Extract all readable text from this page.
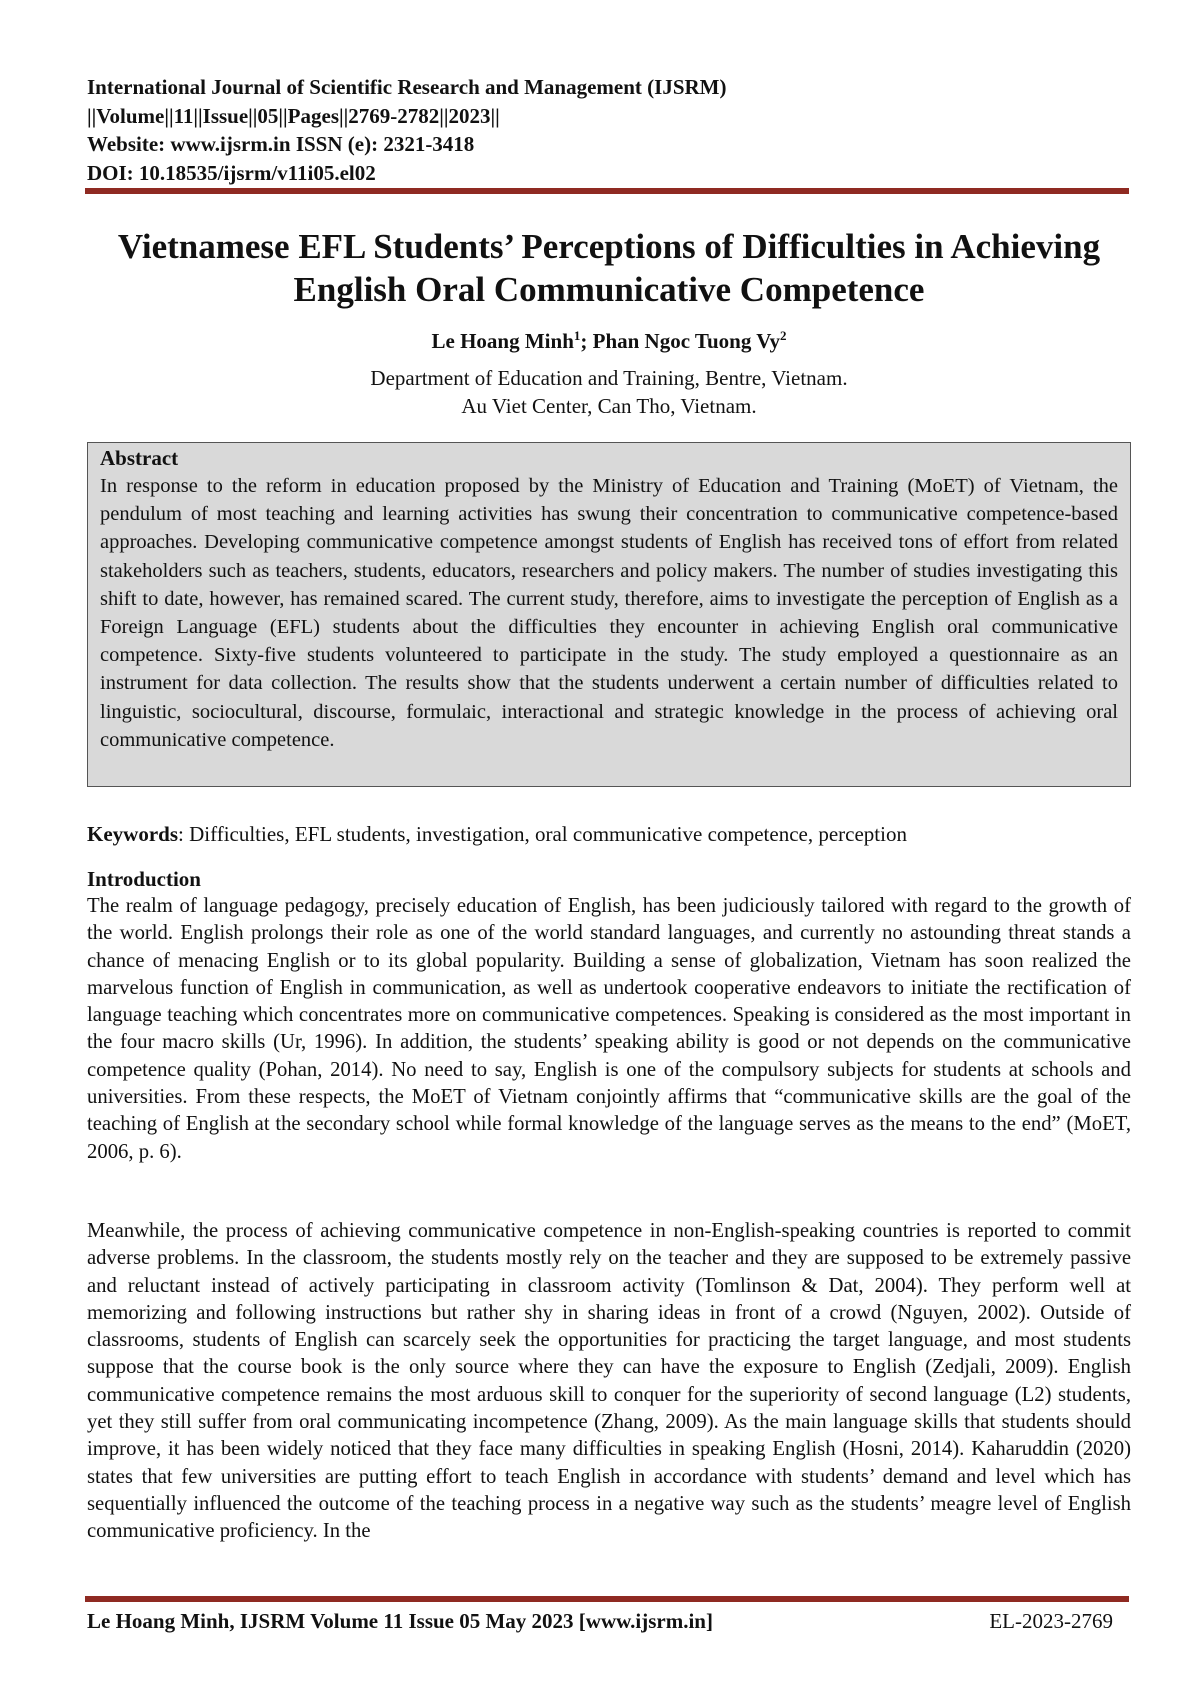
International Journal of Scientific Research and Management (IJSRM)
||Volume||11||Issue||05||Pages||2769-2782||2023||
Website: www.ijsrm.in ISSN (e): 2321-3418
DOI: 10.18535/ijsrm/v11i05.el02
Vietnamese EFL Students’ Perceptions of Difficulties in Achieving
English Oral Communicative Competence
Le Hoang Minh$^1$; Phan Ngoc Tuong Vy$^2$
Department of Education and Training, Bentre, Vietnam.
Au Viet Center, Can Tho, Vietnam.
Abstract

In response to the reform in education proposed by the Ministry of Education and Training (MoET) of Vietnam, the pendulum of most teaching and learning activities has swung their concentration to communicative competence-based approaches. Developing communicative competence amongst students of English has received tons of effort from related stakeholders such as teachers, students, educators, researchers and policy makers. The number of studies investigating this shift to date, however, has remained scared. The current study, therefore, aims to investigate the perception of English as a Foreign Language (EFL) students about the difficulties they encounter in achieving English oral communicative competence. Sixty-five students volunteered to participate in the study. The study employed a questionnaire as an instrument for data collection. The results show that the students underwent a certain number of difficulties related to linguistic, sociocultural, discourse, formulaic, interactional and strategic knowledge in the process of achieving oral communicative competence.

Keywords: Difficulties, EFL students, investigation, oral communicative competence, perception
Introduction

The realm of language pedagogy, precisely education of English, has been judiciously tailored with regard to the growth of the world. English prolongs their role as one of the world standard languages, and currently no astounding threat stands a chance of menacing English or to its global popularity. Building a sense of globalization, Vietnam has soon realized the marvelous function of English in communication, as well as undertook cooperative endeavors to initiate the rectification of language teaching which concentrates more on communicative competences. Speaking is considered as the most important in the four macro skills (Ur, 1996). In addition, the students’ speaking ability is good or not depends on the communicative competence quality (Pohan, 2014). No need to say, English is one of the compulsory subjects for students at schools and universities. From these respects, the MoET of Vietnam conjointly affirms that “communicative skills are the goal of the teaching of English at the secondary school while formal knowledge of the language serves as the means to the end” (MoET, 2006, p. 6).

Meanwhile, the process of achieving communicative competence in non-English-speaking countries is reported to commit adverse problems. In the classroom, the students mostly rely on the teacher and they are supposed to be extremely passive and reluctant instead of actively participating in classroom activity (Tomlinson & Dat, 2004). They perform well at memorizing and following instructions but rather shy in sharing ideas in front of a crowd (Nguyen, 2002). Outside of classrooms, students of English can scarcely seek the opportunities for practicing the target language, and most students suppose that the course book is the only source where they can have the exposure to English (Zedjali, 2009). English communicative competence remains the most arduous skill to conquer for the superiority of second language (L2) students, yet they still suffer from oral communicating incompetence (Zhang, 2009). As the main language skills that students should improve, it has been widely noticed that they face many difficulties in speaking English (Hosni, 2014). Kaharuddin (2020) states that few universities are putting effort to teach English in accordance with students’ demand and level which has sequentially influenced the outcome of the teaching process in a negative way such as the students’ meagre level of English communicative proficiency. In the

Le Hoang Minh, IJSRM Volume 11 Issue 05 May 2023 [www.ijsrm.in]	EL-2023-2769
